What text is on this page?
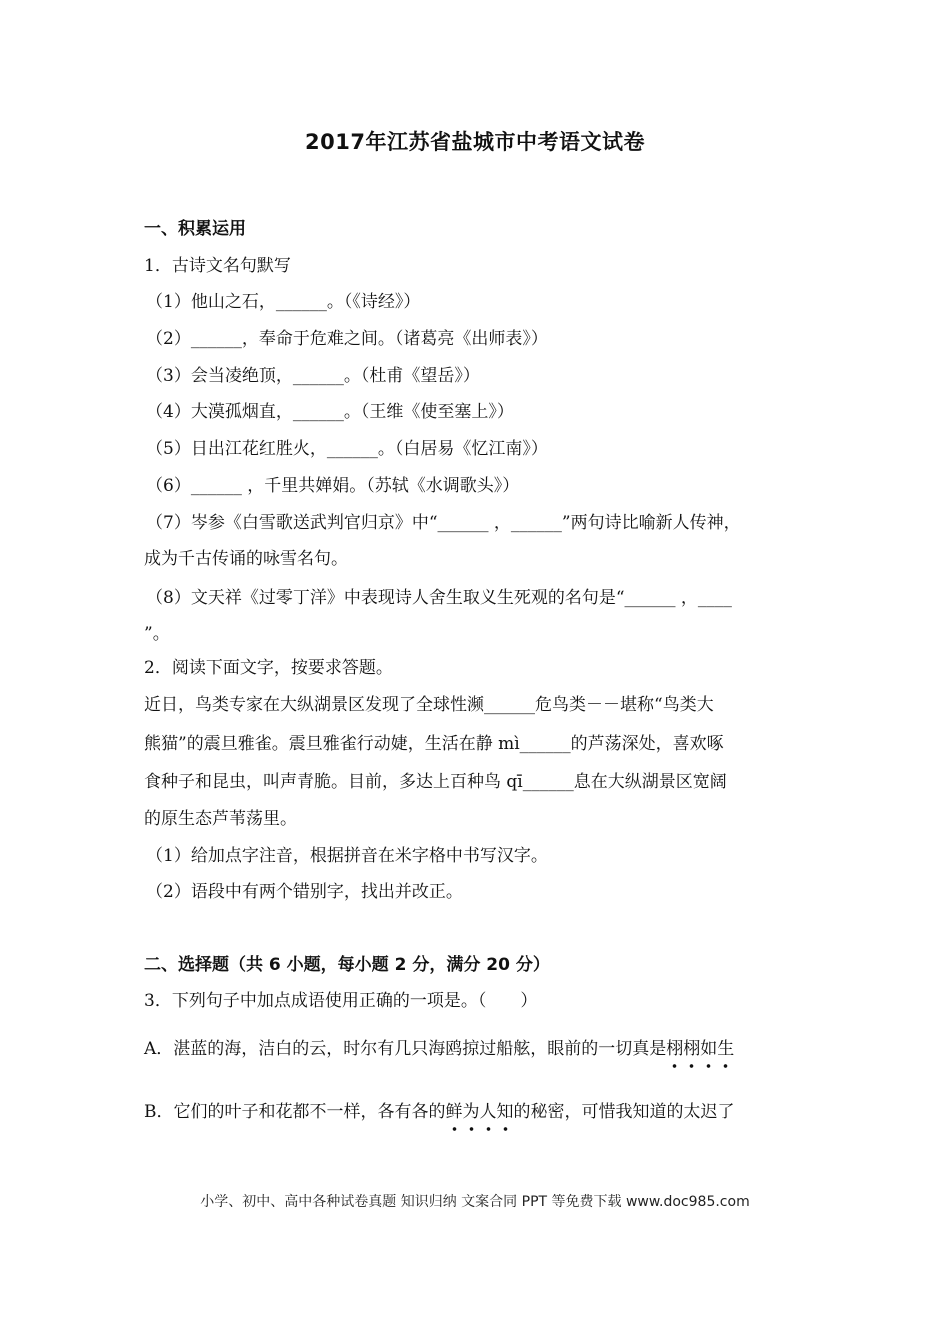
2017年江苏省盐城市中考语文试卷
一、积累运用
1．古诗文名句默写
（1）他山之石，______。（《诗经》）
（2）______，奉命于危难之间。（诸葛亮《出师表》）
（3）会当凌绝顶，______。（杜甫《望岳》）
（4）大漠孤烟直，______。（王维《使至塞上》）
（5）日出江花红胜火，______。（白居易《忆江南》）
（6）______ ，千里共婵娟。（苏轼《水调歌头》）
（7）岑参《白雪歌送武判官归京》中“______ ，______”两句诗比喻新人传神，
成为千古传诵的咏雪名句。
（8）文天祥《过零丁洋》中表现诗人舍生取义生死观的名句是“______ ，____
”。
2．阅读下面文字，按要求答题。
近日，鸟类专家在大纵湖景区发现了全球性濒______危鸟类－－堪称“鸟类大
熊猫”的震旦雅雀。震旦雅雀行动婕，生活在静 mì______的芦荡深处，喜欢啄
食种子和昆虫，叫声青脆。目前，多达上百种鸟 qī______息在大纵湖景区宽阔
的原生态芦苇荡里。
（1）给加点字注音，根据拼音在米字格中书写汉字。
（2）语段中有两个错别字，找出并改正。
二、选择题（共 6 小题，每小题 2 分，满分 20 分）
3．下列句子中加点成语使用正确的一项是。（　　）
A．湛蓝的海，洁白的云，时尔有几只海鸥掠过船舷，眼前的一切真是栩栩如生
B．它们的叶子和花都不一样，各有各的鲜为人知的秘密，可惜我知道的太迟了
小学、初中、高中各种试卷真题 知识归纳 文案合同 PPT 等免费下载 www.doc985.com
